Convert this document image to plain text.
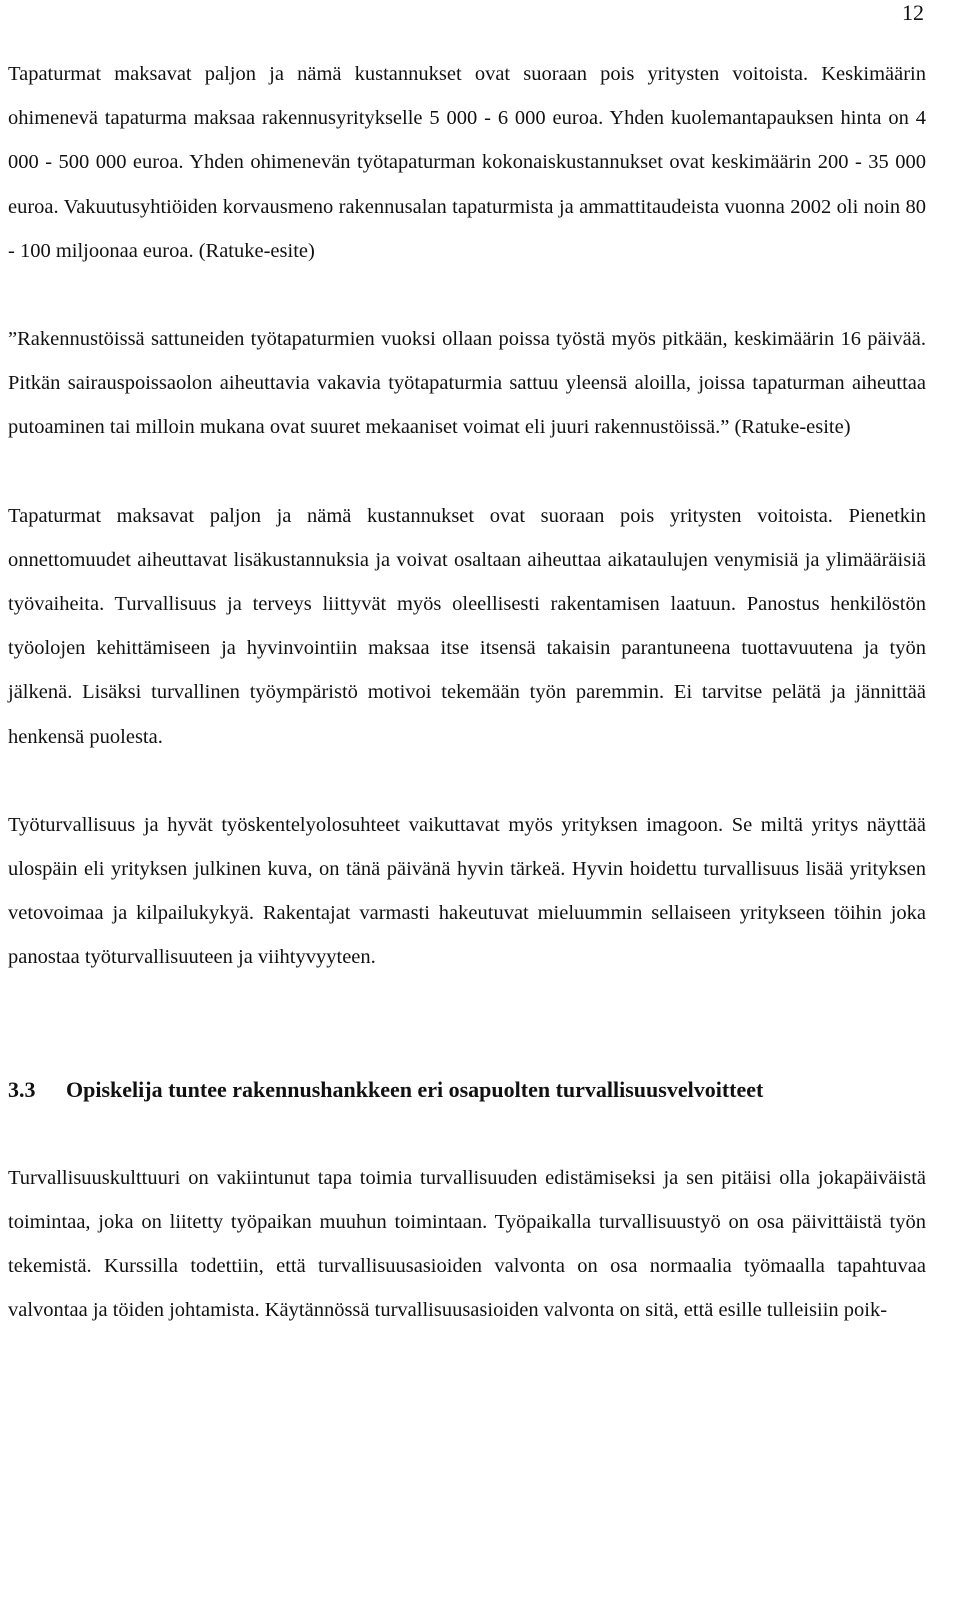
12

Tapaturmat maksavat paljon ja nämä kustannukset ovat suoraan pois yritysten voitoista. Keskimäärin ohimenevä tapaturma maksaa rakennusyritykselle 5 000 - 6 000 euroa. Yhden kuolemantapauksen hinta on 4 000 - 500 000 euroa. Yhden ohimenevän työtapaturman kokonaiskustannukset ovat keskimäärin 200 - 35 000 euroa. Vakuutusyhtiöiden korvausmeno rakennusalan tapaturmista ja ammattitaudeista vuonna 2002 oli noin 80 - 100 miljoonaa euroa. (Ratuke-esite)

”Rakennustöissä sattuneiden työtapaturmien vuoksi ollaan poissa työstä myös pitkään, keskimäärin 16 päivää. Pitkän sairauspoissaolon aiheuttavia vakavia työtapaturmia sattuu yleensä aloilla, joissa tapaturman aiheuttaa putoaminen tai milloin mukana ovat suuret mekaaniset voimat eli juuri rakennustöissä.” (Ratuke-esite)

Tapaturmat maksavat paljon ja nämä kustannukset ovat suoraan pois yritysten voitoista. Pienetkin onnettomuudet aiheuttavat lisäkustannuksia ja voivat osaltaan aiheuttaa aikataulujen venymisiä ja ylimääräisiä työvaiheita. Turvallisuus ja terveys liittyvät myös oleellisesti rakentamisen laatuun. Panostus henkilöstön työolojen kehittämiseen ja hyvinvointiin maksaa itse itsensä takaisin parantuneena tuottavuutena ja työn jälkenä. Lisäksi turvallinen työympäristö motivoi tekemään työn paremmin. Ei tarvitse pelätä ja jännittää henkensä puolesta.

Työturvallisuus ja hyvät työskentelyolosuhteet vaikuttavat myös yrityksen imagoon. Se miltä yritys näyttää ulospäin eli yrityksen julkinen kuva, on tänä päivänä hyvin tärkeä. Hyvin hoidettu turvallisuus lisää yrityksen vetovoimaa ja kilpailukykyä. Rakentajat varmasti hakeutuvat mieluummin sellaiseen yritykseen töihin joka panostaa työturvallisuuteen ja viihtyvyyteen.

3.3 Opiskelija tuntee rakennushankkeen eri osapuolten turvallisuusvelvoitteet

Turvallisuuskulttuuri on vakiintunut tapa toimia turvallisuuden edistämiseksi ja sen pitäisi olla jokapäiväistä toimintaa, joka on liitetty työpaikan muuhun toimintaan. Työpaikalla turvallisuustyö on osa päivittäistä työn tekemistä. Kurssilla todettiin, että turvallisuusasioiden valvonta on osa normaalia työmaalla tapahtuvaa valvontaa ja töiden johtamista. Käytännössä turvallisuusasioiden valvonta on sitä, että esille tulleisiin poik-
